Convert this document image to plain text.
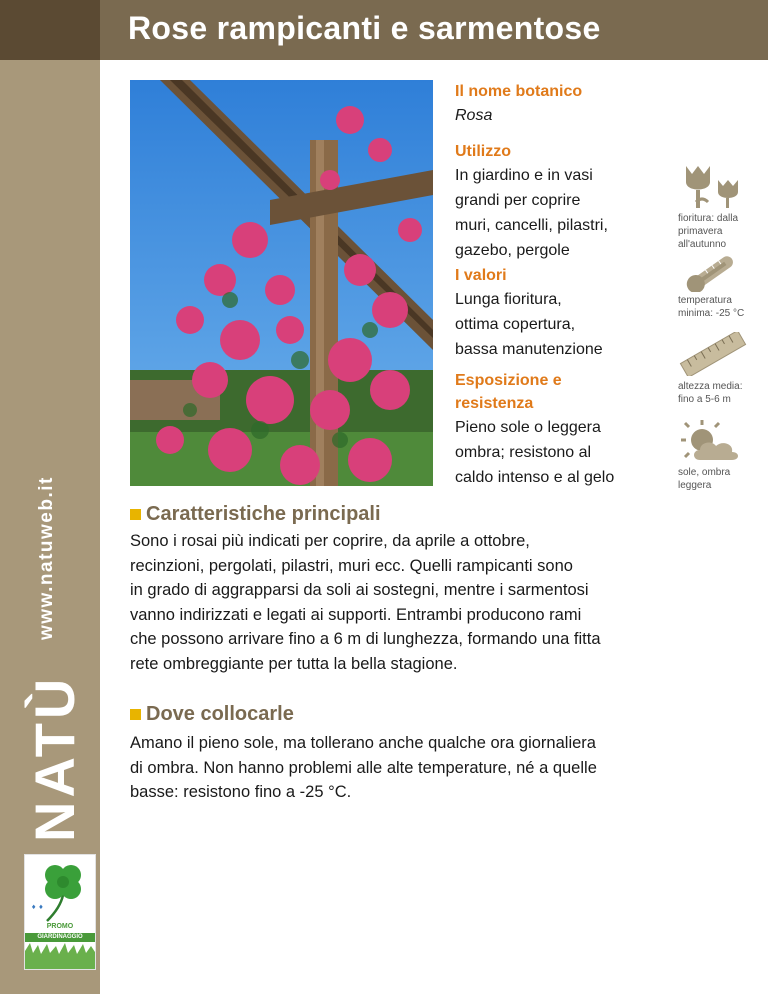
www.natuweb.it
NATÙ
♦ ♦
PROMO
GIARDINAGGIO
Rose rampicanti e sarmentose

Il nome botanico

Rosa

Utilizzo

In giardino e in vasi

grandi per coprire

muri, cancelli, pilastri,

gazebo, pergole

I valori

Lunga fioritura,

ottima copertura,

bassa manutenzione

Esposizione e

resistenza

Pieno sole o leggera

ombra; resistono al

caldo intenso e al gelo

fioritura: dalla
primavera
all'autunno
temperatura
minima: -25 °C
altezza media:
fino a 5-6 m
sole, ombra
leggera
Caratteristiche principali
Sono i rosai più indicati per coprire, da aprile a ottobre,
recinzioni, pergolati, pilastri, muri ecc. Quelli rampicanti sono
in grado di aggrapparsi da soli ai sostegni, mentre i sarmentosi
vanno indirizzati e legati ai supporti. Entrambi producono rami
che possono arrivare fino a 6 m di lunghezza, formando una fitta
rete ombreggiante per tutta la bella stagione.
Dove collocarle
Amano il pieno sole, ma tollerano anche qualche ora giornaliera
di ombra. Non hanno problemi alle alte temperature, né a quelle
basse: resistono fino a -25 °C.
